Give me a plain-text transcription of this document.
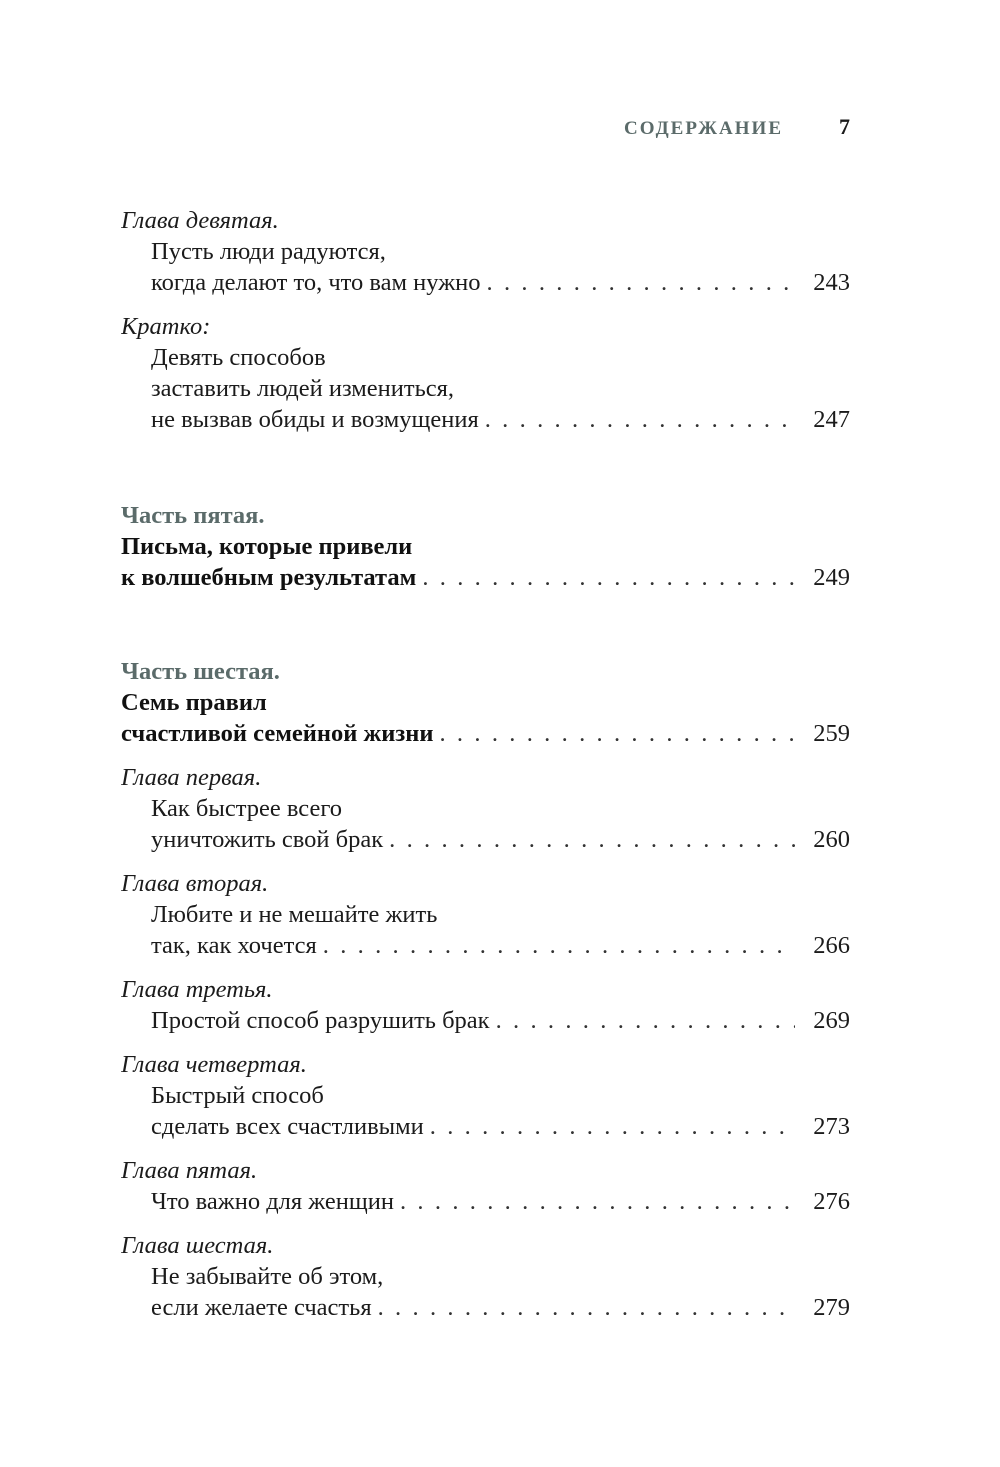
СОДЕРЖАНИЕ	7
Глава девятая.
Пусть люди радуются,
когда делают то, что вам нужно . . .	243
Кратко:
Девять способов
заставить людей измениться,
не вызвав обиды и возмущения . . .	247
Часть пятая.
Письма, которые привели
к волшебным результатам . . .	249
Часть шестая.
Семь правил
счастливой семейной жизни . . .	259
Глава первая.
Как быстрее всего
уничтожить свой брак . . .	260
Глава вторая.
Любите и не мешайте жить
так, как хочется . . .	266
Глава третья.
Простой способ разрушить брак . . .	269
Глава четвертая.
Быстрый способ
сделать всех счастливыми . . .	273
Глава пятая.
Что важно для женщин . . .	276
Глава шестая.
Не забывайте об этом,
если желаете счастья . . .	279
